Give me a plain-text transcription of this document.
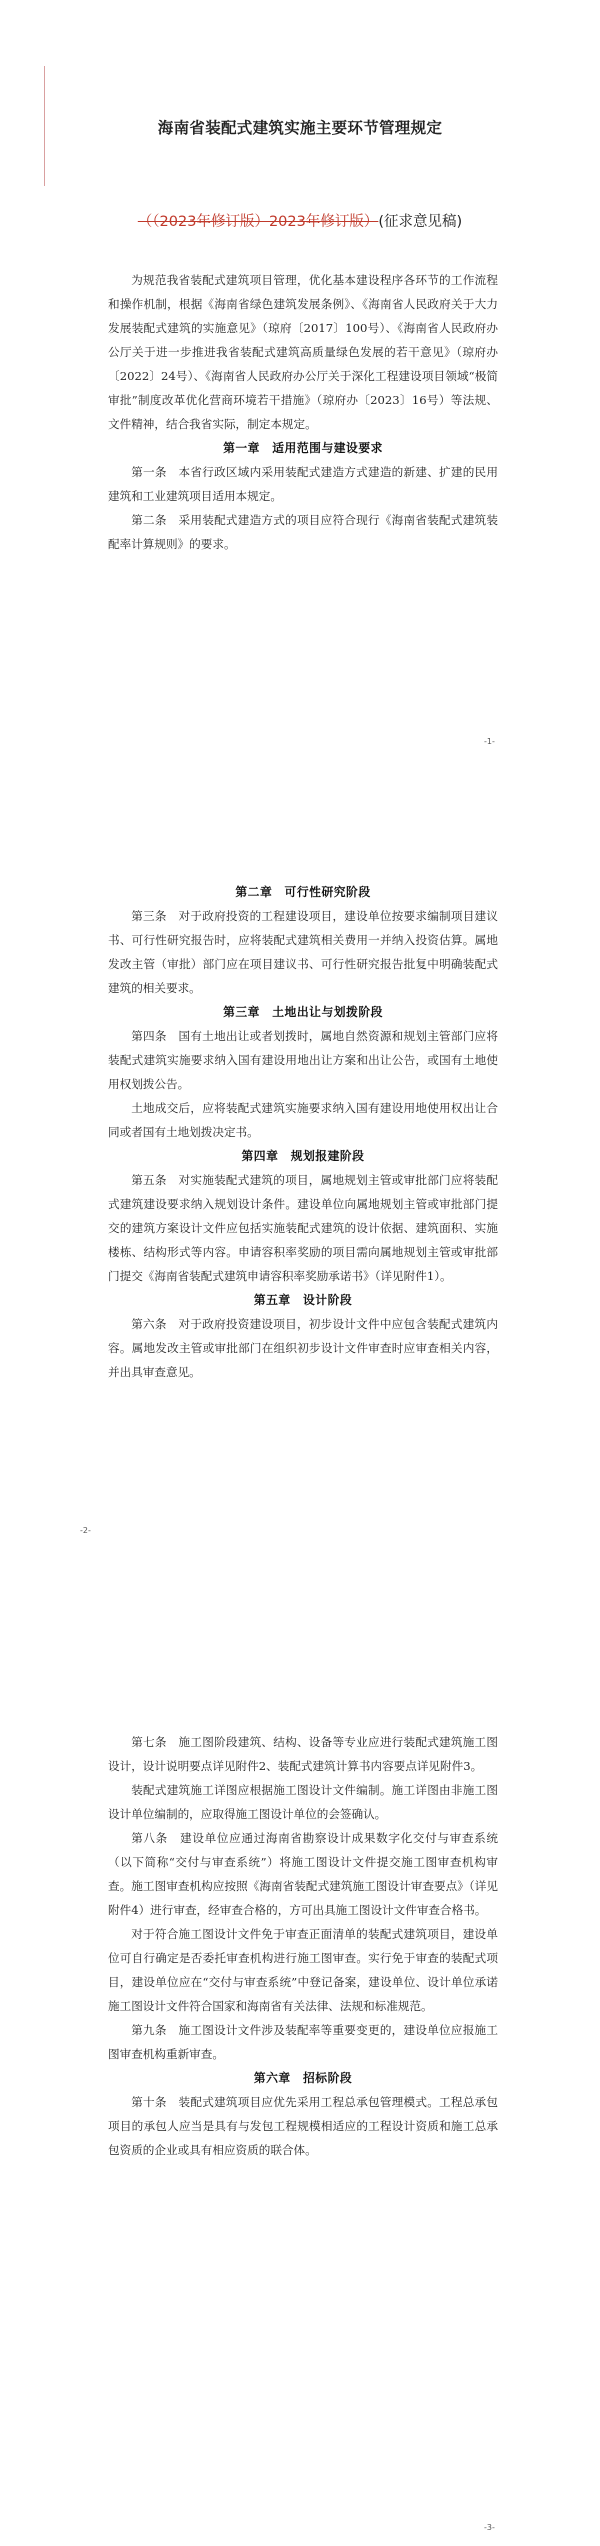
海南省装配式建筑实施主要环节管理规定
（（2023年修订版）2023年修订版）(征求意见稿)

为规范我省装配式建筑项目管理，优化基本建设程序各环节的工作流程和操作机制，根据《海南省绿色建筑发展条例》、《海南省人民政府关于大力发展装配式建筑的实施意见》（琼府〔2017〕100号）、《海南省人民政府办公厅关于进一步推进我省装配式建筑高质量绿色发展的若干意见》（琼府办〔2022〕24号）、《海南省人民政府办公厅关于深化工程建设项目领域“极简审批”制度改革优化营商环境若干措施》（琼府办〔2023〕16号）等法规、文件精神，结合我省实际，制定本规定。

第一章　适用范围与建设要求

第一条　本省行政区域内采用装配式建造方式建造的新建、扩建的民用建筑和工业建筑项目适用本规定。

第二条　采用装配式建造方式的项目应符合现行《海南省装配式建筑装配率计算规则》的要求。

第二章　可行性研究阶段

第三条　对于政府投资的工程建设项目，建设单位按要求编制项目建议书、可行性研究报告时，应将装配式建筑相关费用一并纳入投资估算。属地发改主管（审批）部门应在项目建议书、可行性研究报告批复中明确装配式建筑的相关要求。

第三章　土地出让与划拨阶段

第四条　国有土地出让或者划拨时，属地自然资源和规划主管部门应将装配式建筑实施要求纳入国有建设用地出让方案和出让公告，或国有土地使用权划拨公告。

土地成交后，应将装配式建筑实施要求纳入国有建设用地使用权出让合同或者国有土地划拨决定书。

第四章　规划报建阶段

第五条　对实施装配式建筑的项目，属地规划主管或审批部门应将装配式建筑建设要求纳入规划设计条件。建设单位向属地规划主管或审批部门提交的建筑方案设计文件应包括实施装配式建筑的设计依据、建筑面积、实施楼栋、结构形式等内容。申请容积率奖励的项目需向属地规划主管或审批部门提交《海南省装配式建筑申请容积率奖励承诺书》（详见附件1）。

第五章　设计阶段

第六条　对于政府投资建设项目，初步设计文件中应包含装配式建筑内容。属地发改主管或审批部门在组织初步设计文件审查时应审查相关内容，并出具审查意见。

第七条　施工图阶段建筑、结构、设备等专业应进行装配式建筑施工图设计，设计说明要点详见附件2、装配式建筑计算书内容要点详见附件3。

装配式建筑施工详图应根据施工图设计文件编制。施工详图由非施工图设计单位编制的，应取得施工图设计单位的会签确认。

第八条　建设单位应通过海南省勘察设计成果数字化交付与审查系统（以下简称“交付与审查系统”）将施工图设计文件提交施工图审查机构审查。施工图审查机构应按照《海南省装配式建筑施工图设计审查要点》（详见附件4）进行审查，经审查合格的，方可出具施工图设计文件审查合格书。

对于符合施工图设计文件免于审查正面清单的装配式建筑项目，建设单位可自行确定是否委托审查机构进行施工图审查。实行免于审查的装配式项目，建设单位应在“交付与审查系统”中登记备案，建设单位、设计单位承诺施工图设计文件符合国家和海南省有关法律、法规和标准规范。

第九条　施工图设计文件涉及装配率等重要变更的，建设单位应报施工图审查机构重新审查。

第六章　招标阶段

第十条　装配式建筑项目应优先采用工程总承包管理模式。工程总承包项目的承包人应当是具有与发包工程规模相适应的工程设计资质和施工总承包资质的企业或具有相应资质的联合体。

-1-
-2-
-3-
